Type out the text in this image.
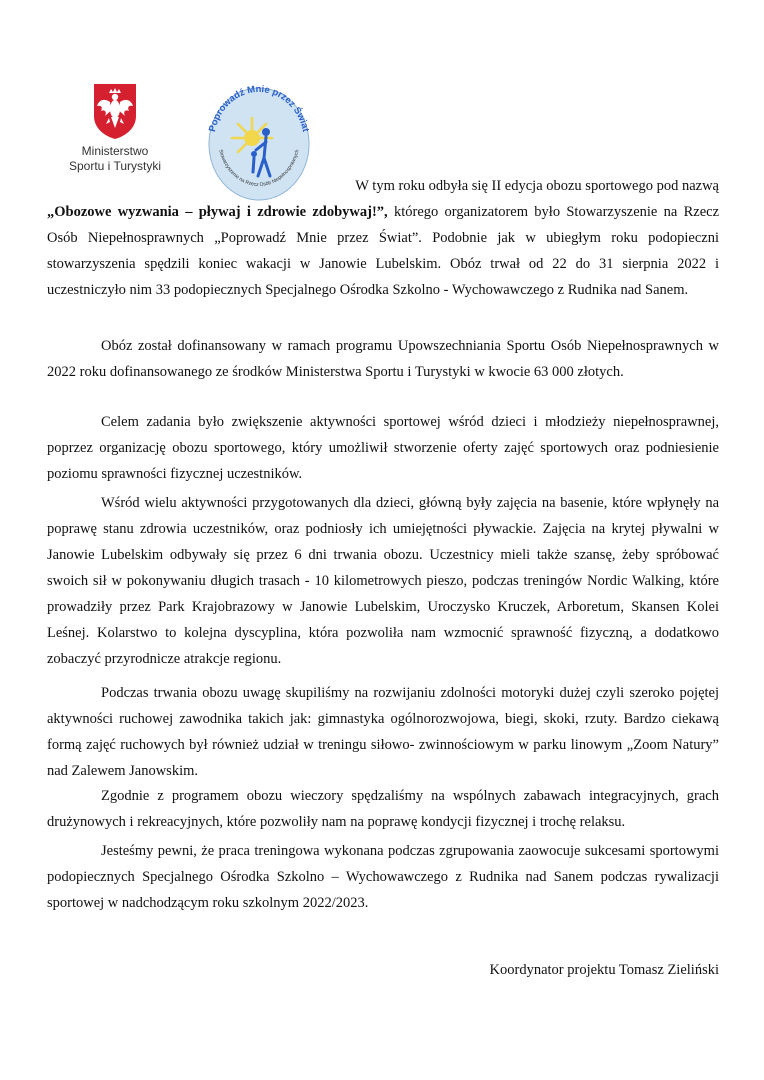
Ministerstwo
Sportu i Turystyki
Poprowadź Mnie przez Świat
Stowarzyszenie na Rzecz Osób Niepełnosprawnych

W tym roku odbyła się II edycja obozu sportowego pod nazwą

„Obozowe wyzwania – pływaj i zdrowie zdobywaj!”, którego organizatorem było Stowarzyszenie na Rzecz Osób Niepełnosprawnych „Poprowadź Mnie przez Świat”. Podobnie jak w ubiegłym roku podopieczni stowarzyszenia spędzili koniec wakacji w Janowie Lubelskim. Obóz trwał od 22 do 31 sierpnia 2022 i uczestniczyło nim 33 podopiecznych Specjalnego Ośrodka Szkolno - Wychowawczego z Rudnika nad Sanem.

Obóz został dofinansowany w ramach programu Upowszechniania Sportu Osób Niepełnosprawnych w 2022 roku dofinansowanego ze środków Ministerstwa Sportu i Turystyki w kwocie 63 000 złotych.

Celem zadania było zwiększenie aktywności sportowej wśród dzieci i młodzieży niepełnosprawnej, poprzez organizację obozu sportowego, który umożliwił stworzenie oferty zajęć sportowych oraz podniesienie poziomu sprawności fizycznej uczestników.

Wśród wielu aktywności przygotowanych dla dzieci, główną były zajęcia na basenie, które wpłynęły na poprawę stanu zdrowia uczestników, oraz podniosły ich umiejętności pływackie. Zajęcia na krytej pływalni w Janowie Lubelskim odbywały się przez 6 dni trwania obozu. Uczestnicy mieli także szansę, żeby spróbować swoich sił w pokonywaniu długich trasach - 10 kilometrowych pieszo, podczas treningów Nordic Walking, które prowadziły przez Park Krajobrazowy w Janowie Lubelskim, Uroczysko Kruczek, Arboretum, Skansen Kolei Leśnej. Kolarstwo to kolejna dyscyplina, która pozwoliła nam wzmocnić sprawność fizyczną, a dodatkowo zobaczyć przyrodnicze atrakcje regionu.

Podczas trwania obozu uwagę skupiliśmy na rozwijaniu zdolności motoryki dużej czyli szeroko pojętej aktywności ruchowej zawodnika takich jak: gimnastyka ogólnorozwojowa, biegi, skoki, rzuty. Bardzo ciekawą formą zajęć ruchowych był również udział w treningu siłowo- zwinnościowym w parku linowym „Zoom Natury” nad Zalewem Janowskim.

Zgodnie z programem obozu wieczory spędzaliśmy na wspólnych zabawach integracyjnych, grach drużynowych i rekreacyjnych, które pozwoliły nam na poprawę kondycji fizycznej i trochę relaksu.

Jesteśmy pewni, że praca treningowa wykonana podczas zgrupowania zaowocuje sukcesami sportowymi podopiecznych Specjalnego Ośrodka Szkolno – Wychowawczego z Rudnika nad Sanem podczas rywalizacji sportowej w nadchodzącym roku szkolnym 2022/2023.

Koordynator projektu Tomasz Zieliński
